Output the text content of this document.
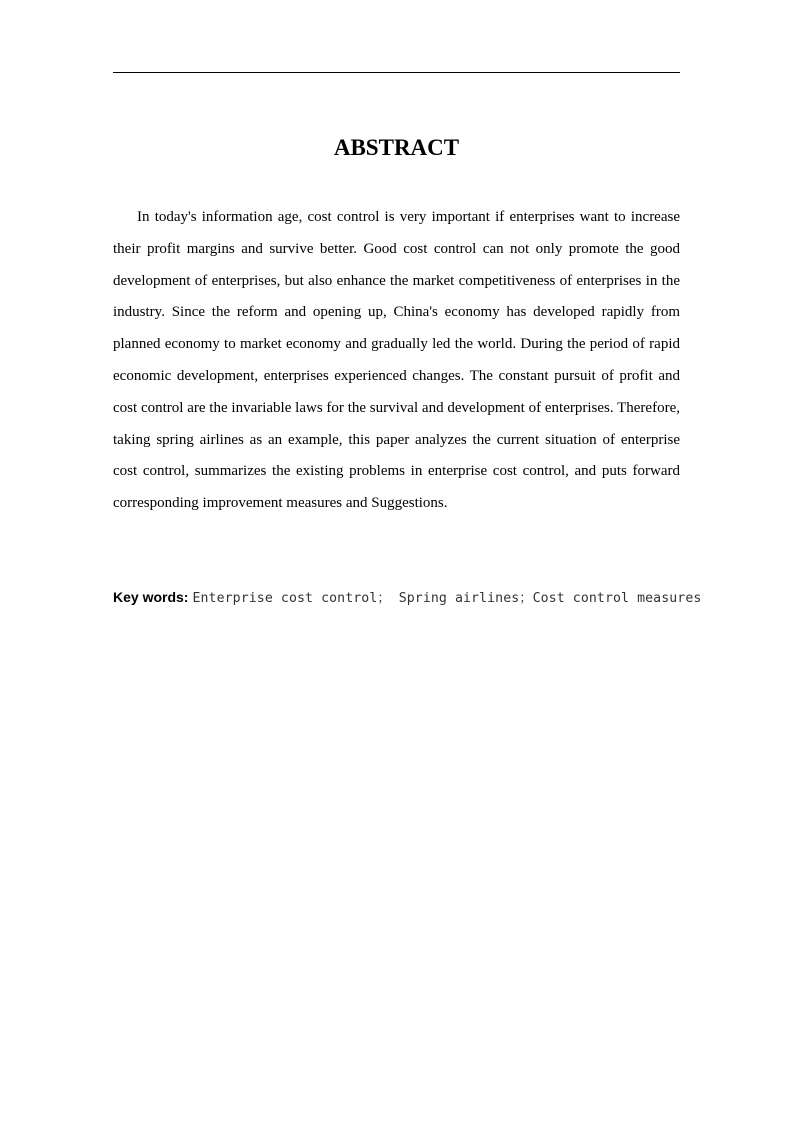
ABSTRACT

In today's information age, cost control is very important if enterprises want to increase their profit margins and survive better. Good cost control can not only promote the good development of enterprises, but also enhance the market competitiveness of enterprises in the industry. Since the reform and opening up, China's economy has developed rapidly from planned economy to market economy and gradually led the world. During the period of rapid economic development, enterprises experienced changes. The constant pursuit of profit and cost control are the invariable laws for the survival and development of enterprises. Therefore, taking spring airlines as an example, this paper analyzes the current situation of enterprise cost control, summarizes the existing problems in enterprise cost control, and puts forward corresponding improvement measures and Suggestions.

Key words: Enterprise cost control； Spring airlines；Cost control measures
